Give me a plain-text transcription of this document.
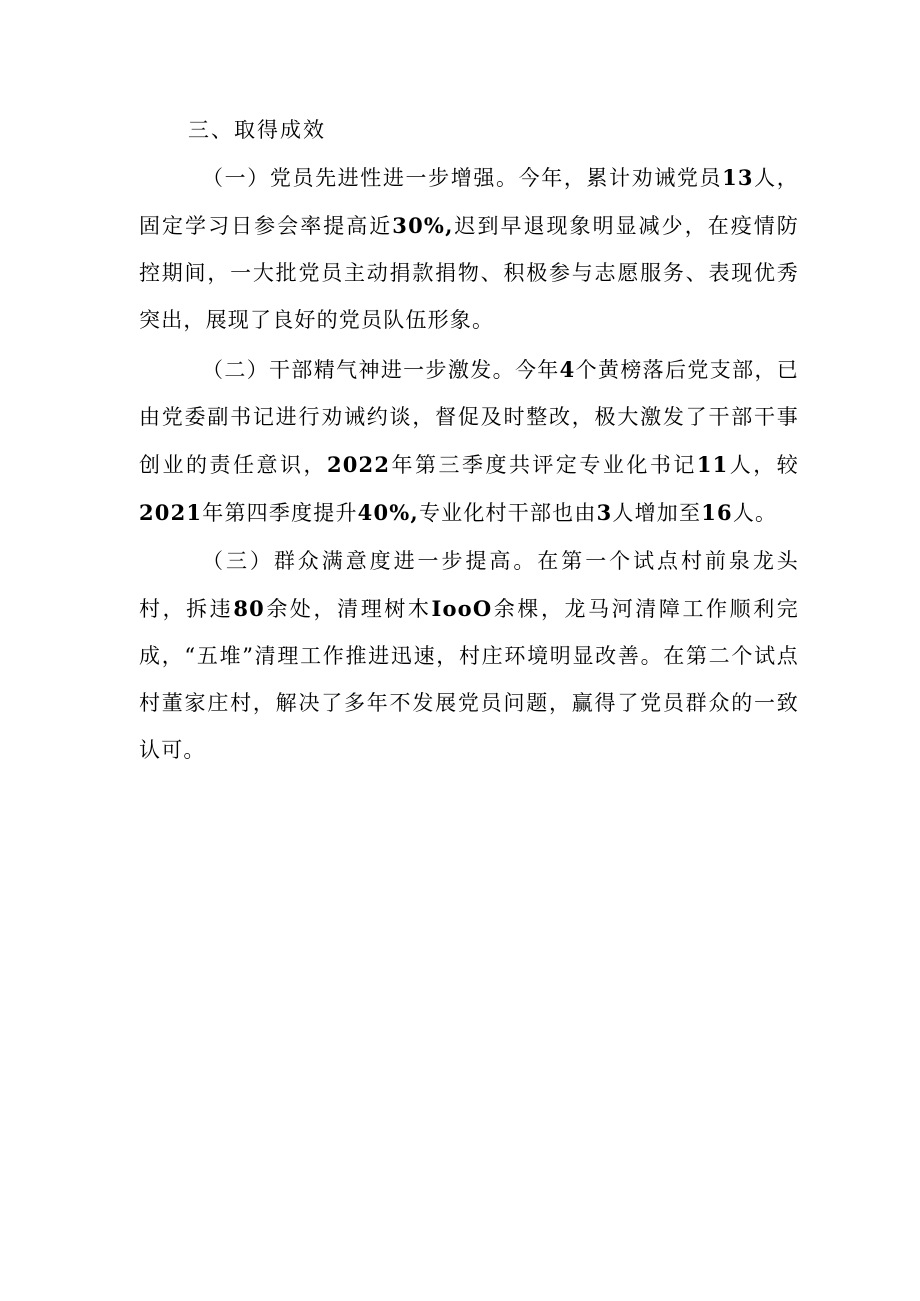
三、取得成效

（一）党员先进性进一步增强。今年，累计劝诫党员13人，固定学习日参会率提高近30%,迟到早退现象明显减少，在疫情防控期间，一大批党员主动捐款捐物、积极参与志愿服务、表现优秀突出，展现了良好的党员队伍形象。

（二）干部精气神进一步激发。今年4个黄榜落后党支部，已由党委副书记进行劝诫约谈，督促及时整改，极大激发了干部干事创业的责任意识，2022年第三季度共评定专业化书记11人，较2021年第四季度提升40%,专业化村干部也由3人增加至16人。

（三）群众满意度进一步提高。在第一个试点村前泉龙头村，拆违80余处，清理树木IooO余棵，龙马河清障工作顺利完成，“五堆”清理工作推进迅速，村庄环境明显改善。在第二个试点村董家庄村，解决了多年不发展党员问题，赢得了党员群众的一致认可。
